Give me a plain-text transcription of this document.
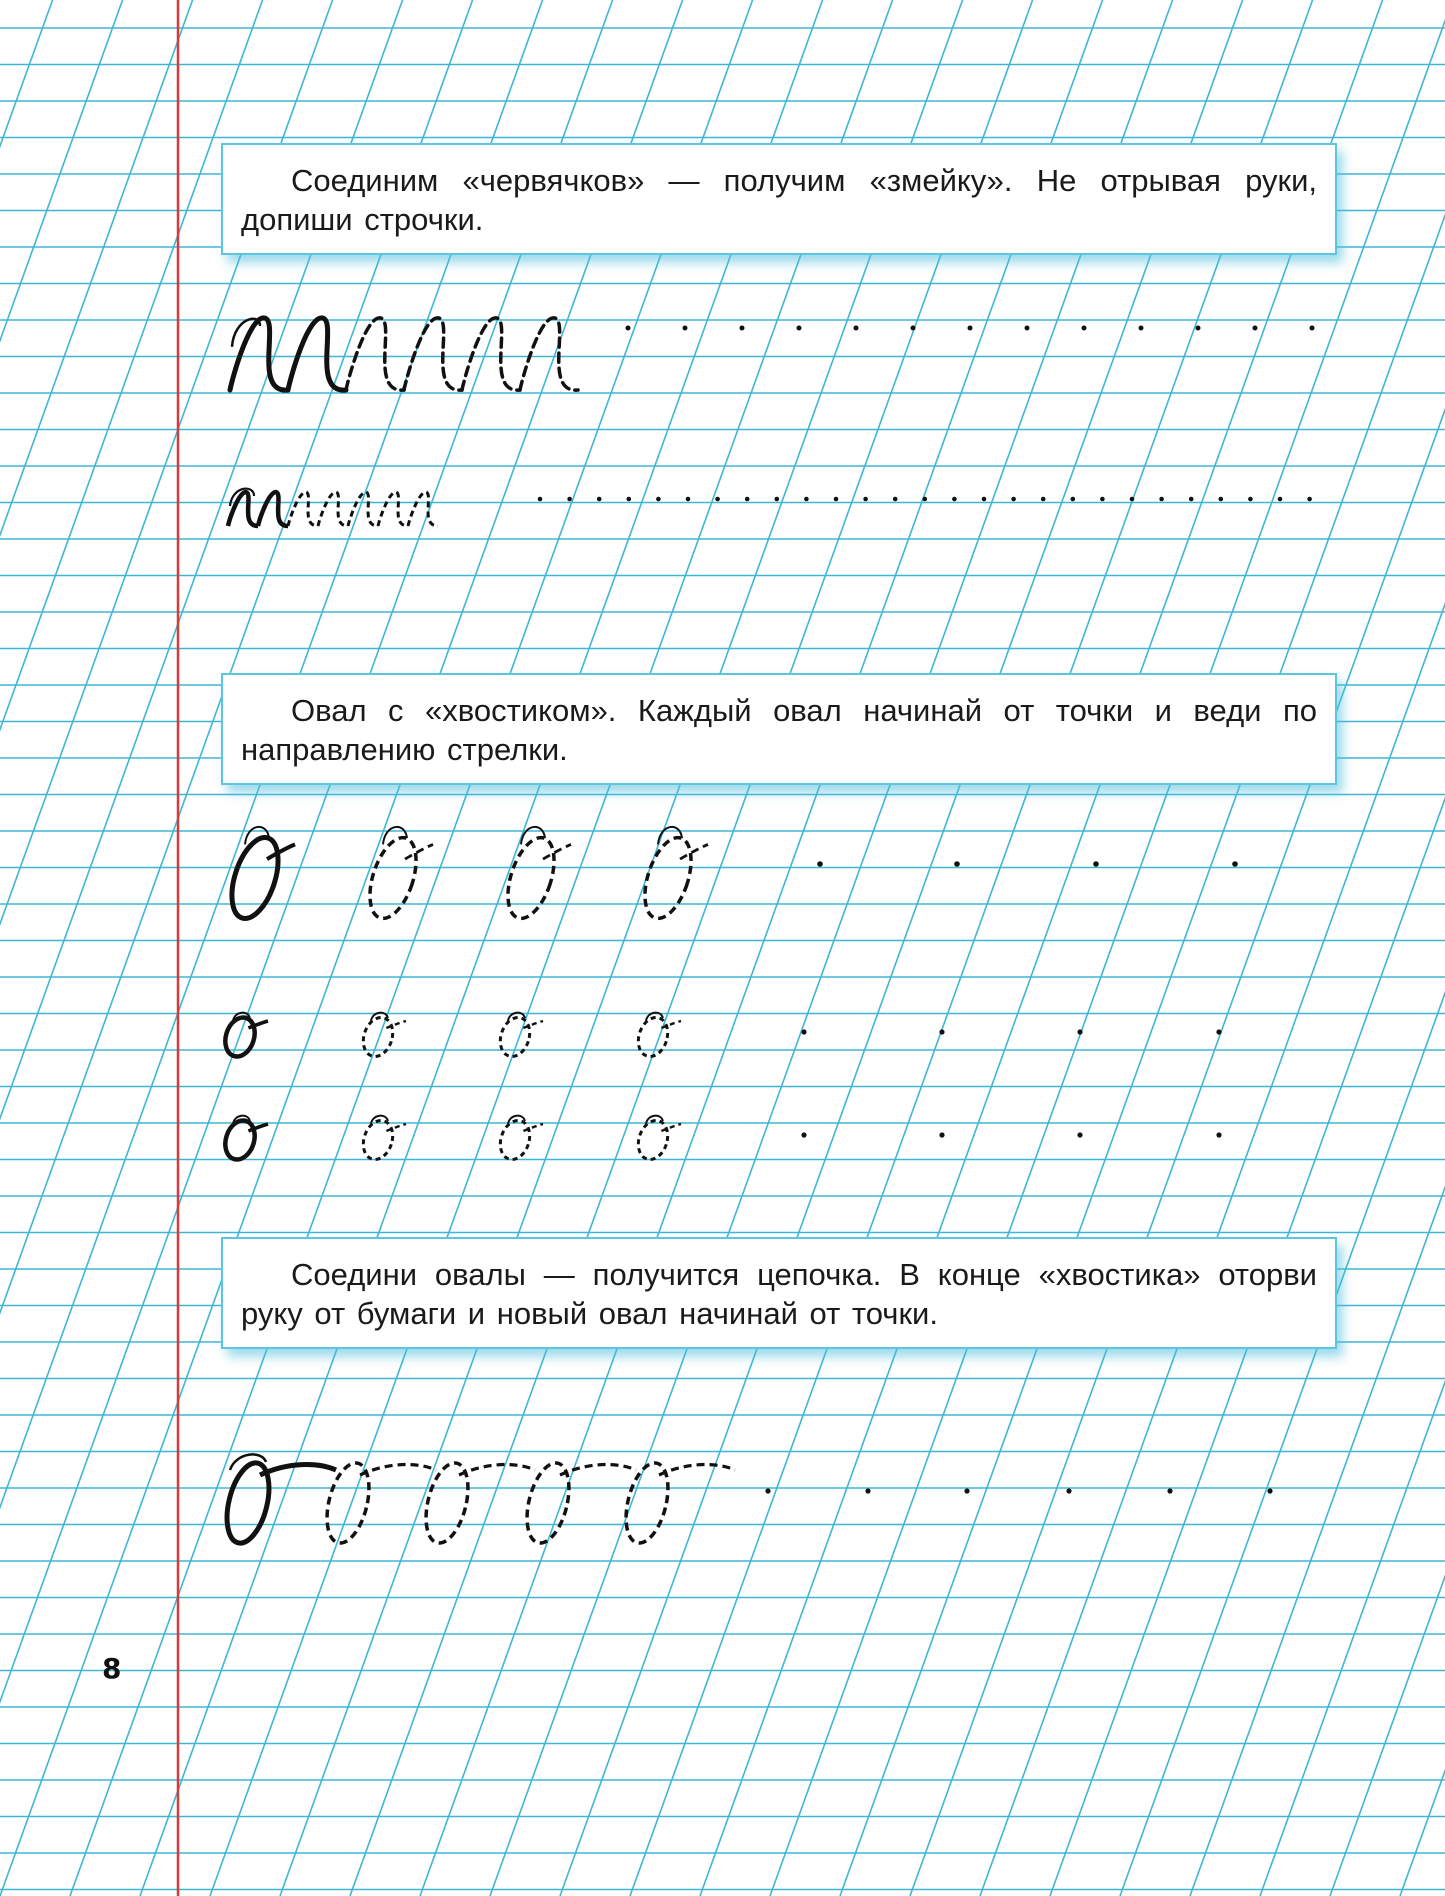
Соединим «червячков» — получим «змейку». Не отрывая руки, допиши строчки.
Овал с «хвостиком». Каждый овал начинай от точки и веди по направлению стрелки.
Соедини овалы — получится цепочка. В конце «хвостика» оторви руку от бумаги и новый овал начинай от точки.
8
